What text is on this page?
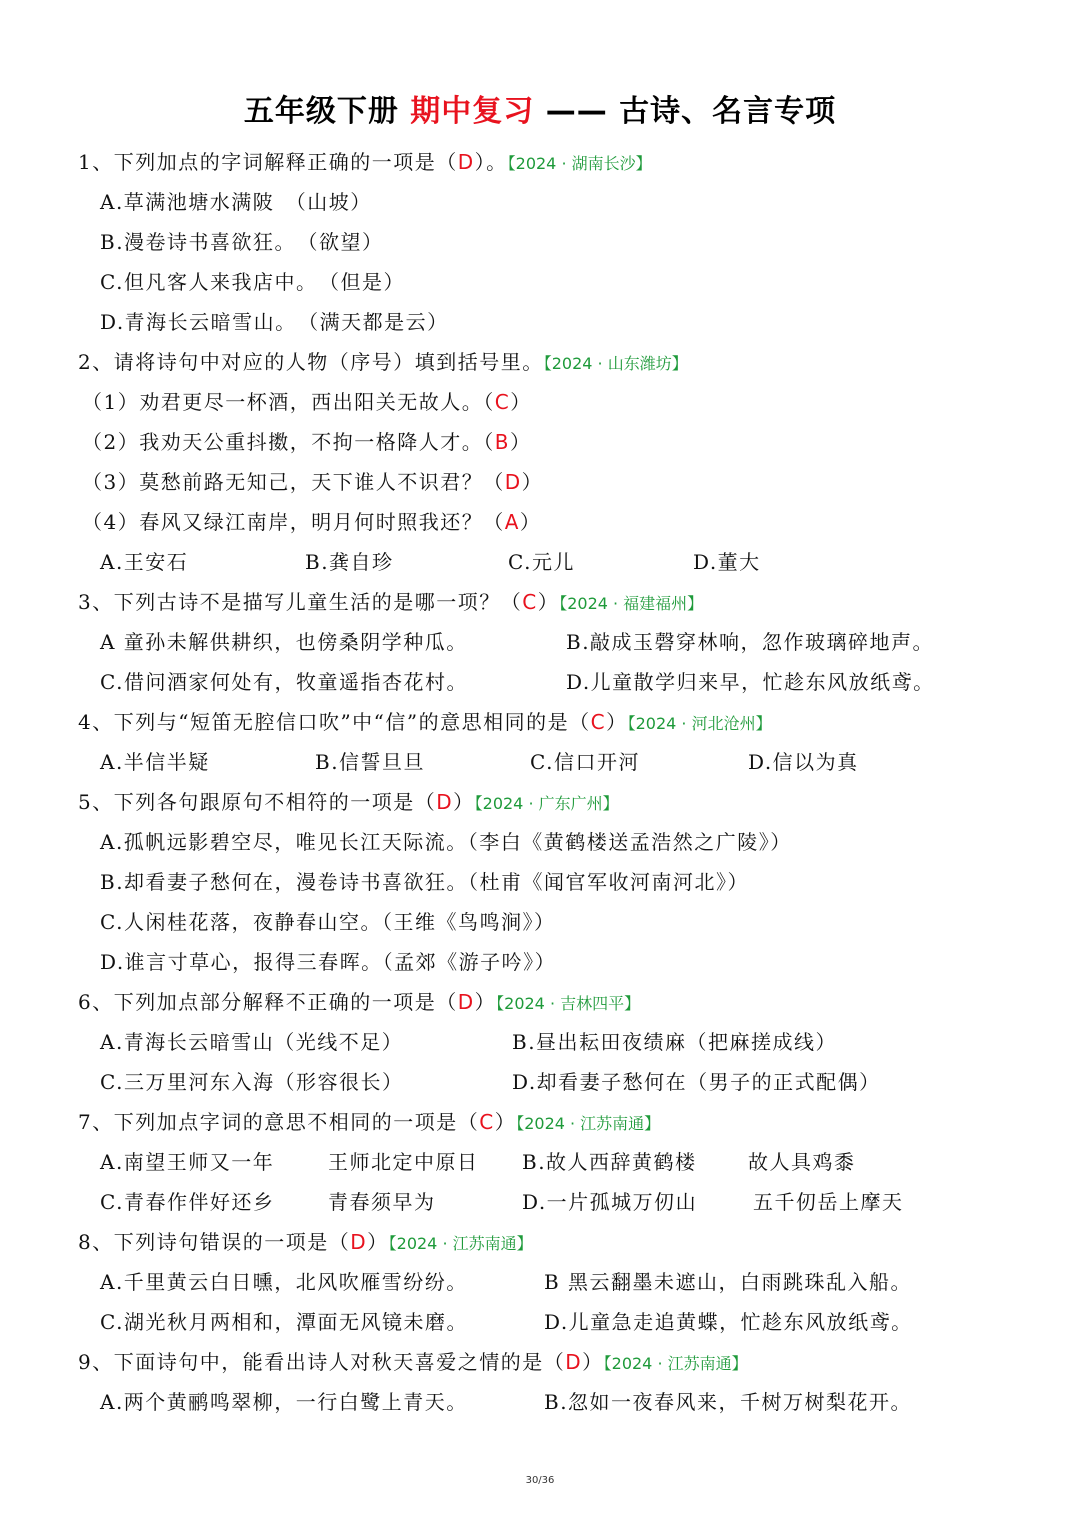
五年级下册 期中复习 —— 古诗、名言专项
1、下列加点的字词解释正确的一项是（D）。【2024 · 湖南长沙】
A.草满池塘水满陂　（山坡）
B.漫卷诗书喜欲狂。　（欲望）
C.但凡客人来我店中。　（但是）
D.青海长云暗雪山。　（满天都是云）
2、请将诗句中对应的人物（序号）填到括号里。【2024 · 山东潍坊】
（1）劝君更尽一杯酒，西出阳关无故人。（C）
（2）我劝天公重抖擞，不拘一格降人才。（B）
（3）莫愁前路无知己，天下谁人不识君？（D）
（4）春风又绿江南岸，明月何时照我还？（A）
A.王安石	B.龚自珍	C.元儿	D.董大
3、下列古诗不是描写儿童生活的是哪一项？（C）【2024 · 福建福州】
A 童孙未解供耕织，也傍桑阴学种瓜。	B.敲成玉磬穿林响，忽作玻璃碎地声。
C.借问酒家何处有，牧童遥指杏花村。	D.儿童散学归来早，忙趁东风放纸鸢。
4、下列与“短笛无腔信口吹”中“信”的意思相同的是（C）【2024 · 河北沧州】
A.半信半疑	B.信誓旦旦	C.信口开河	D.信以为真
5、下列各句跟原句不相符的一项是（D）【2024 · 广东广州】
A.孤帆远影碧空尽，唯见长江天际流。（李白《黄鹤楼送孟浩然之广陵》）
B.却看妻子愁何在，漫卷诗书喜欲狂。（杜甫《闻官军收河南河北》）
C.人闲桂花落，夜静春山空。（王维《鸟鸣涧》）
D.谁言寸草心，报得三春晖。（孟郊《游子吟》）
6、下列加点部分解释不正确的一项是（D）【2024 · 吉林四平】
A.青海长云暗雪山（光线不足）	B.昼出耘田夜绩麻（把麻搓成线）
C.三万里河东入海（形容很长）	D.却看妻子愁何在（男子的正式配偶）
7、下列加点字词的意思不相同的一项是（C）【2024 · 江苏南通】
A.南望王师又一年	王师北定中原日 B.故人西辞黄鹤楼	故人具鸡黍
C.青春作伴好还乡	青春须早为	D.一片孤城万仞山	五千仞岳上摩天
8、下列诗句错误的一项是（D）【2024 · 江苏南通】
A.千里黄云白日曛，北风吹雁雪纷纷。	B 黑云翻墨未遮山，白雨跳珠乱入船。
C.湖光秋月两相和，潭面无风镜未磨。	D.儿童急走追黄蝶，忙趁东风放纸鸢。
9、下面诗句中，能看出诗人对秋天喜爱之情的是（D）【2024 · 江苏南通】
A.两个黄鹂鸣翠柳，一行白鹭上青天。	B.忽如一夜春风来，千树万树梨花开。
30/36
